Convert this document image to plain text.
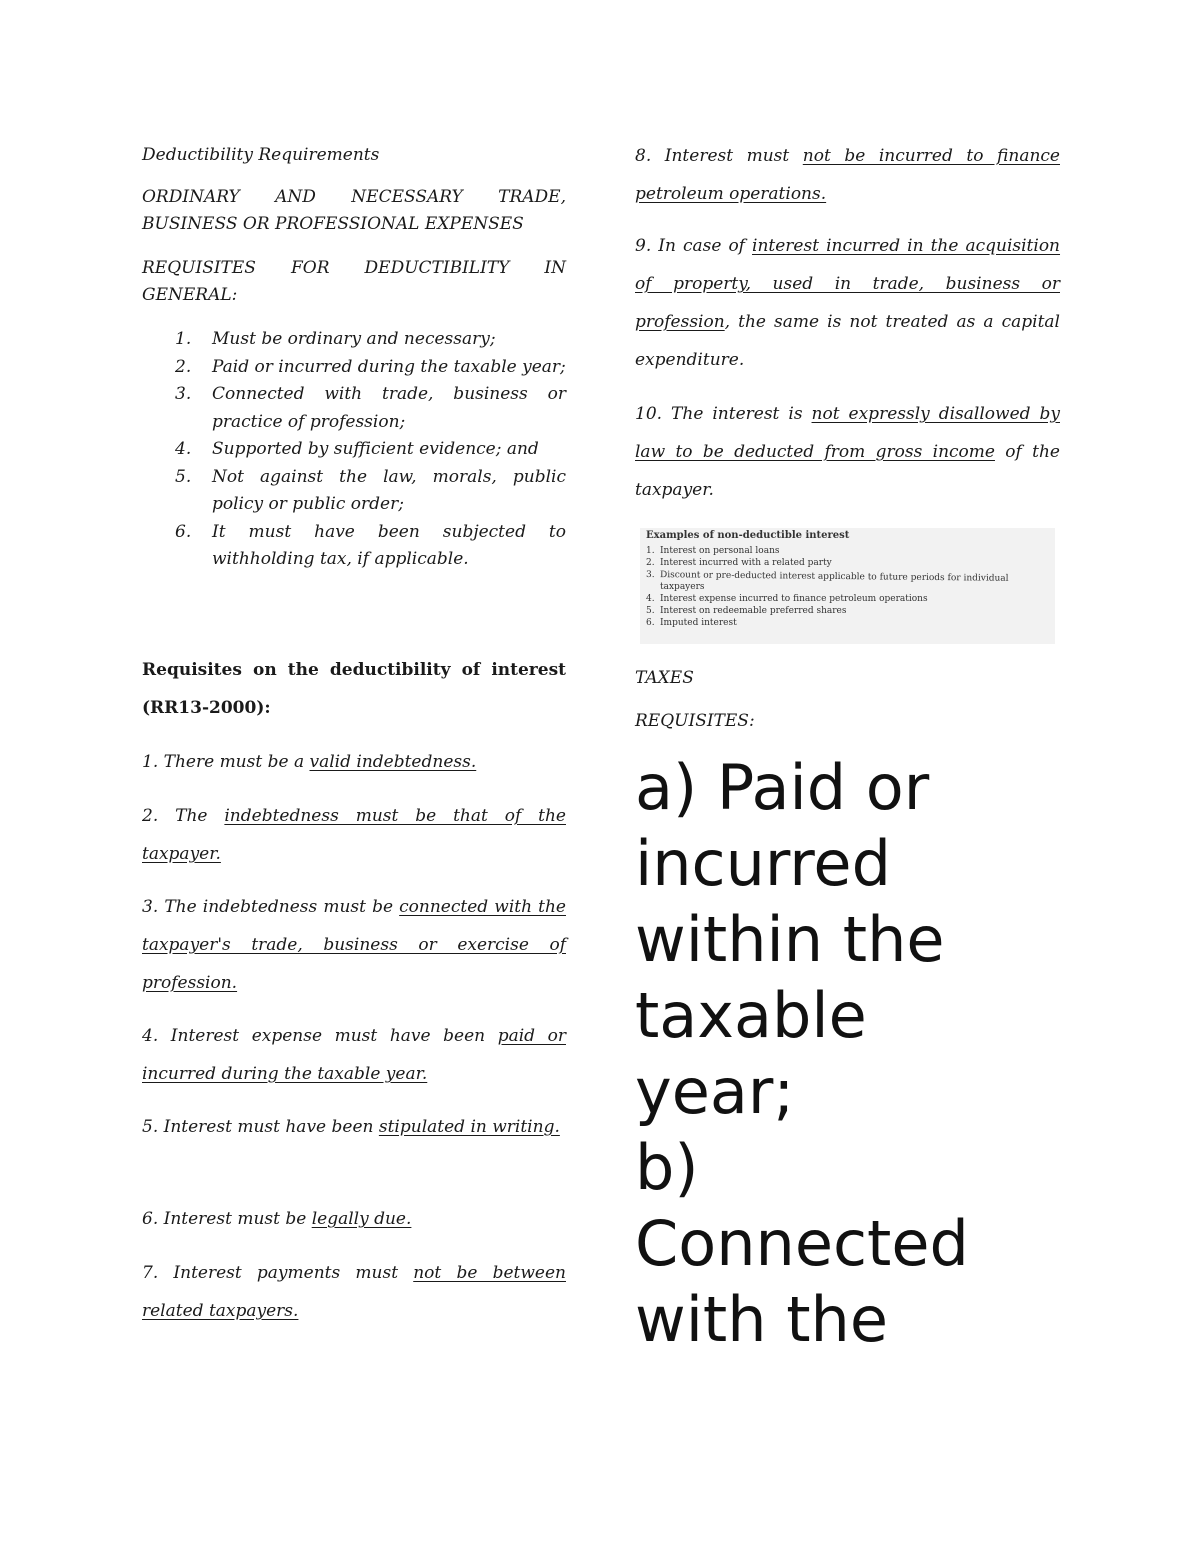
Deductibility Requirements

ORDINARY AND NECESSARY TRADE,

BUSINESS OR PROFESSIONAL EXPENSES

REQUISITES FOR DEDUCTIBILITY IN

GENERAL:

1. Must be ordinary and necessary;
2. Paid or incurred during the taxable year;
3. Connected with trade, business or practice of profession;
4. Supported by sufficient evidence; and
5. Not against the law, morals, public policy or public order;
6. It must have been subjected to withholding tax, if applicable.

Requisites on the deductibility of interest

(RR13-2000):

1. There must be a valid indebtedness.

2. The indebtedness must be that of the taxpayer.

3. The indebtedness must be connected with the taxpayer's trade, business or exercise of profession.

4. Interest expense must have been paid or incurred during the taxable year.

5. Interest must have been stipulated in writing.

6. Interest must be legally due.

7. Interest payments must not be between related taxpayers.

8. Interest must not be incurred to finance petroleum operations.

9. In case of interest incurred in the acquisition of property, used in trade, business or profession, the same is not treated as a capital expenditure.

10. The interest is not expressly disallowed by law to be deducted from gross income of the taxpayer.

TAXES

REQUISITES:

Examples of non-deductible interest
1. Interest on personal loans
2. Interest incurred with a related party
3. Discount or pre-deducted interest applicable to future periods for individual
taxpayers
4. Interest expense incurred to finance petroleum operations
5. Interest on redeemable preferred shares
6. Imputed interest
a) Paid or
incurred
within the
taxable
year;
b)
Connected
with the
